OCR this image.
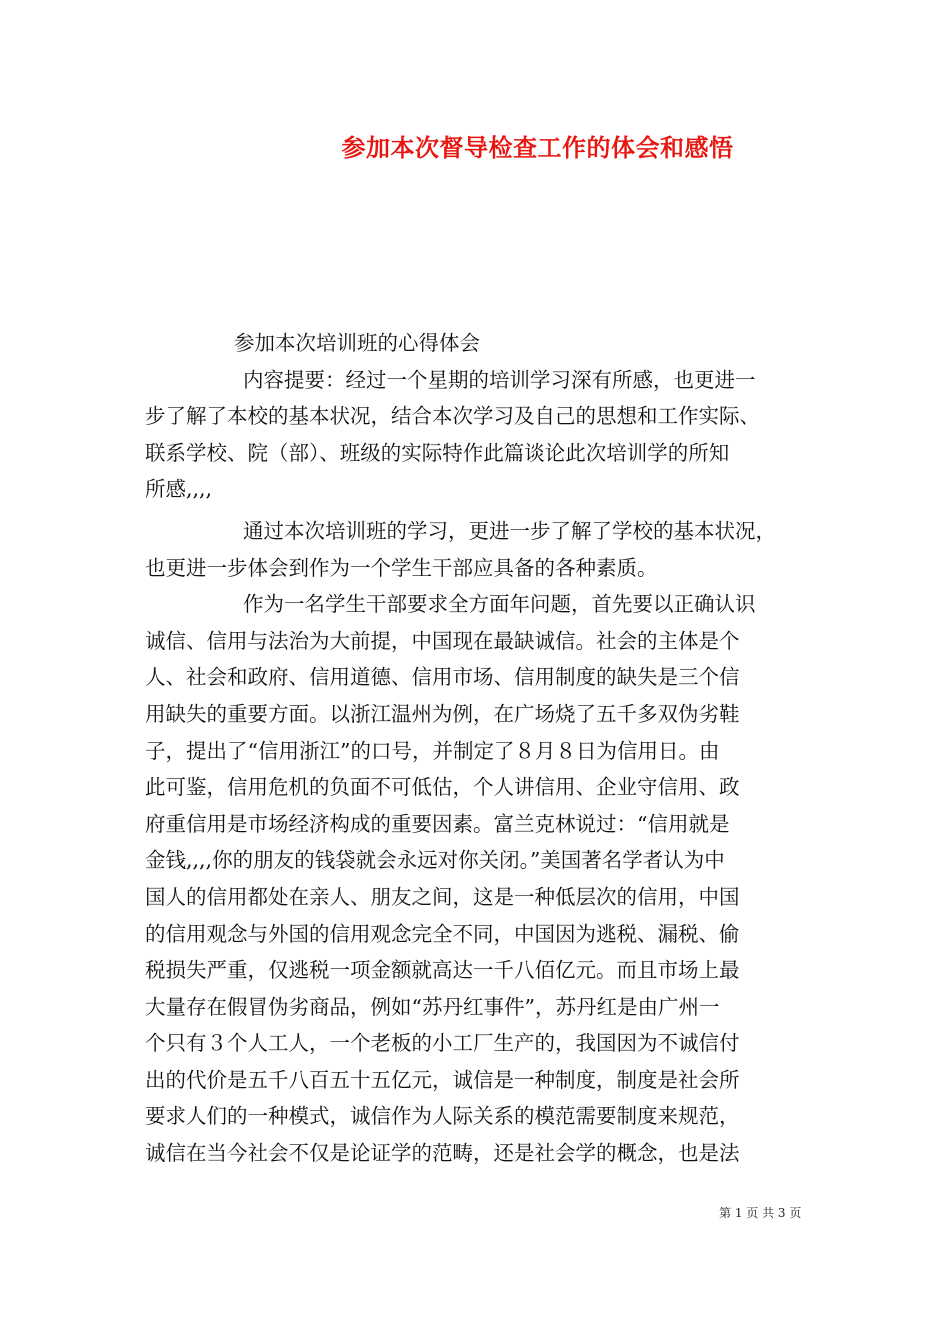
参加本次督导检查工作的体会和感悟
参加本次培训班的心得体会
内容提要：经过一个星期的培训学习深有所感，也更进一
步了解了本校的基本状况，结合本次学习及自己的思想和工作实际、
联系学校、院（部）、班级的实际特作此篇谈论此次培训学的所知
所感,,,,
通过本次培训班的学习，更进一步了解了学校的基本状况，
也更进一步体会到作为一个学生干部应具备的各种素质。
作为一名学生干部要求全方面年问题，首先要以正确认识
诚信、信用与法治为大前提，中国现在最缺诚信。社会的主体是个
人、社会和政府、信用道德、信用市场、信用制度的缺失是三个信
用缺失的重要方面。以浙江温州为例，在广场烧了五千多双伪劣鞋
子，提出了“信用浙江”的口号，并制定了８月８日为信用日。由
此可鉴，信用危机的负面不可低估，个人讲信用、企业守信用、政
府重信用是市场经济构成的重要因素。富兰克林说过：“信用就是
金钱,,,,你的朋友的钱袋就会永远对你关闭。”美国著名学者认为中
国人的信用都处在亲人、朋友之间，这是一种低层次的信用，中国
的信用观念与外国的信用观念完全不同，中国因为逃税、漏税、偷
税损失严重，仅逃税一项金额就高达一千八佰亿元。而且市场上最
大量存在假冒伪劣商品，例如“苏丹红事件”，苏丹红是由广州一
个只有３个人工人，一个老板的小工厂生产的，我国因为不诚信付
出的代价是五千八百五十五亿元，诚信是一种制度，制度是社会所
要求人们的一种模式，诚信作为人际关系的模范需要制度来规范，
诚信在当今社会不仅是论证学的范畴，还是社会学的概念，也是法
第 1 页 共 3 页
